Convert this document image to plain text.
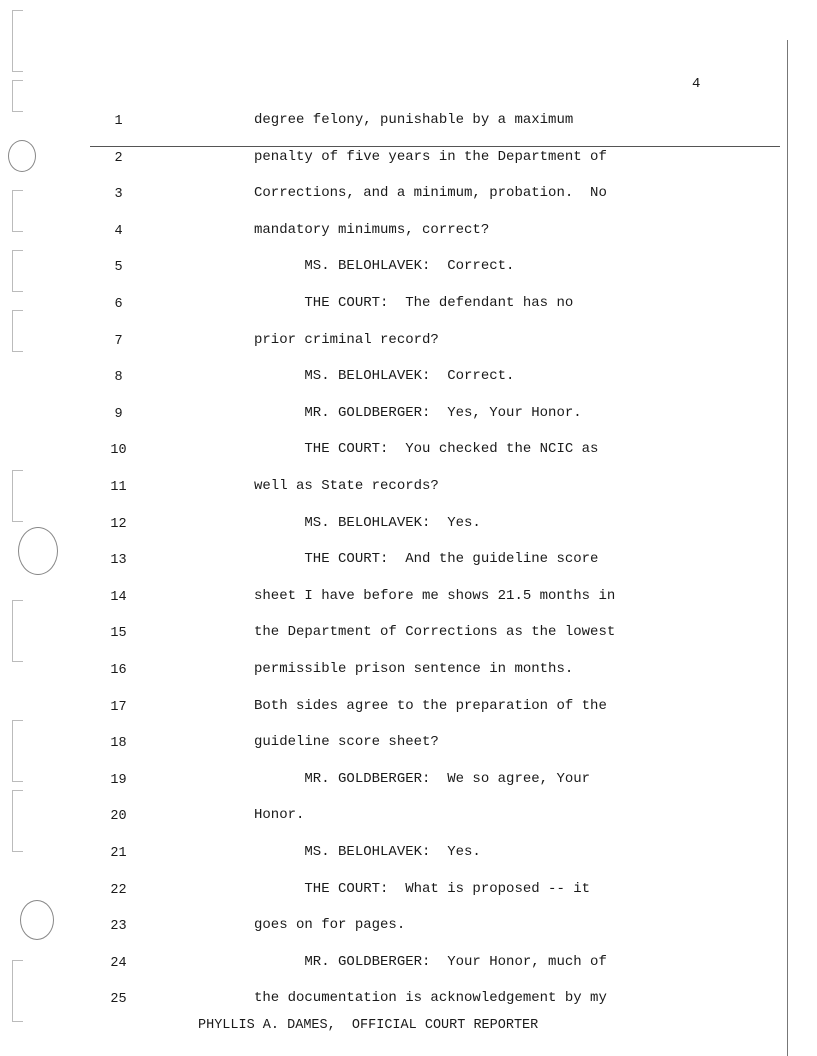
4
1	degree felony, punishable by a maximum
2	penalty of five years in the Department of
3	Corrections, and a minimum, probation.  No
4	mandatory minimums, correct?
5	MS. BELOHLAVEK:  Correct.
6	THE COURT:  The defendant has no
7	prior criminal record?
8	MS. BELOHLAVEK:  Correct.
9	MR. GOLDBERGER:  Yes, Your Honor.
10	THE COURT:  You checked the NCIC as
11	well as State records?
12	MS. BELOHLAVEK:  Yes.
13	THE COURT:  And the guideline score
14	sheet I have before me shows 21.5 months in
15	the Department of Corrections as the lowest
16	permissible prison sentence in months.
17	Both sides agree to the preparation of the
18	guideline score sheet?
19	MR. GOLDBERGER:  We so agree, Your
20	Honor.
21	MS. BELOHLAVEK:  Yes.
22	THE COURT:  What is proposed -- it
23	goes on for pages.
24	MR. GOLDBERGER:  Your Honor, much of
25	the documentation is acknowledgement by my
PHYLLIS A. DAMES,  OFFICIAL COURT REPORTER
